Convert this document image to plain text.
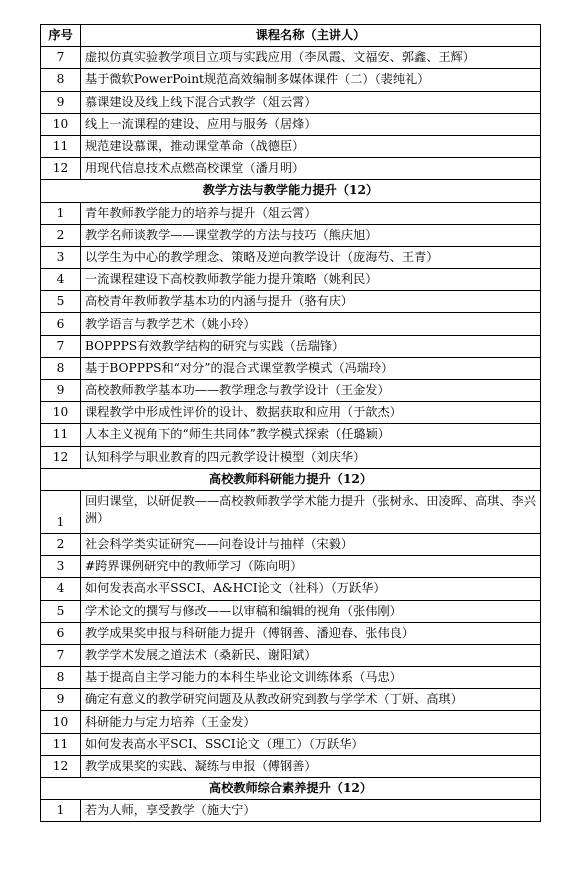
序号	课程名称（主讲人）
7	虚拟仿真实验教学项目立项与实践应用（李凤霞、文福安、郭鑫、王辉）
8	基于微软PowerPoint规范高效编制多媒体课件（二）（裴纯礼）
9	慕课建设及线上线下混合式教学（俎云霄）
10	线上一流课程的建设、应用与服务（居烽）
11	规范建设慕课，推动课堂革命（战德臣）
12	用现代信息技术点燃高校课堂（潘月明）
教学方法与教学能力提升（12）	
1	青年教师教学能力的培养与提升（俎云霄）
2	教学名师谈教学——课堂教学的方法与技巧（熊庆旭）
3	以学生为中心的教学理念、策略及逆向教学设计（庞海芍、王青）
4	一流课程建设下高校教师教学能力提升策略（姚利民）
5	高校青年教师教学基本功的内涵与提升（骆有庆）
6	教学语言与教学艺术（姚小玲）
7	BOPPPS有效教学结构的研究与实践（岳瑞锋）
8	基于BOPPPS和“对分”的混合式课堂教学模式（冯瑞玲）
9	高校教师教学基本功——教学理念与教学设计（王金发）
10	课程教学中形成性评价的设计、数据获取和应用（于歆杰）
11	人本主义视角下的“师生共同体”教学模式探索（任璐颖）
12	认知科学与职业教育的四元教学设计模型（刘庆华）
高校教师科研能力提升（12）	
1	回归课堂，以研促教——高校教师教学学术能力提升（张树永、田凌晖、高琪、李兴洲）
2	社会科学类实证研究——问卷设计与抽样（宋毅）
3	#跨界课例研究中的教师学习（陈向明）
4	如何发表高水平SSCI、A&HCI论文（社科）（万跃华）
5	学术论文的撰写与修改——以审稿和编辑的视角（张伟刚）
6	教学成果奖申报与科研能力提升（傅钢善、潘迎春、张伟良）
7	教学学术发展之道法术（桑新民、谢阳斌）
8	基于提高自主学习能力的本科生毕业论文训练体系（马忠）
9	确定有意义的教学研究问题及从教改研究到教与学学术（丁妍、高琪）
10	科研能力与定力培养（王金发）
11	如何发表高水平SCI、SSCI论文（理工）（万跃华）
12	教学成果奖的实践、凝练与申报（傅钢善）
高校教师综合素养提升（12）	
1	若为人师，享受教学（施大宁）
